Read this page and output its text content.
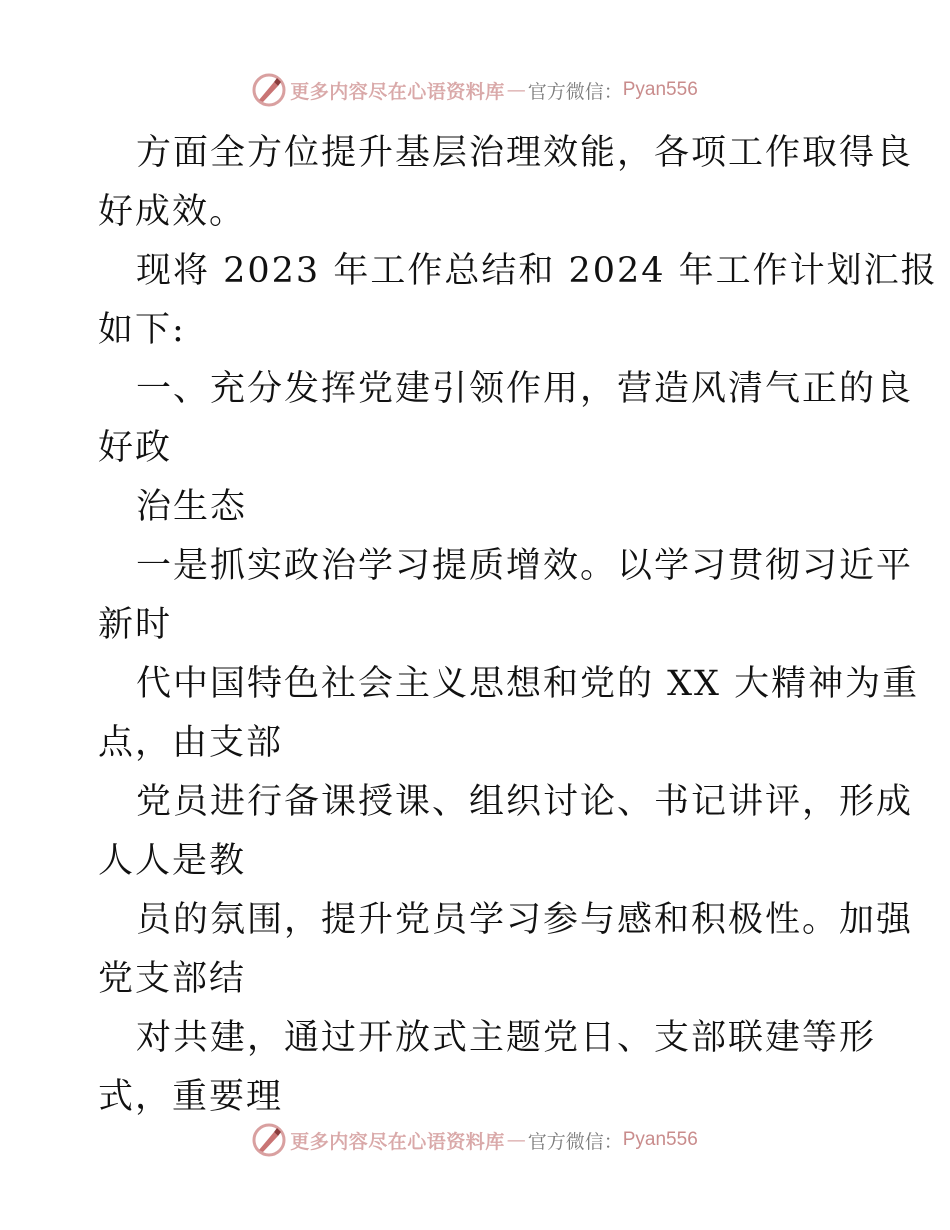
更多内容尽在心语资料库 — 官方微信： Pyan556
方面全方位提升基层治理效能，各项工作取得良
好成效。
现将 2023 年工作总结和 2024 年工作计划汇报
如下:
一、充分发挥党建引领作用，营造风清气正的良
好政
治生态
一是抓实政治学习提质增效。以学习贯彻习近平
新时
代中国特色社会主义思想和党的 XX 大精神为重
点，由支部
党员进行备课授课、组织讨论、书记讲评，形成
人人是教
员的氛围，提升党员学习参与感和积极性。加强
党支部结
对共建，通过开放式主题党日、支部联建等形
式，重要理
更多内容尽在心语资料库 — 官方微信： Pyan556
